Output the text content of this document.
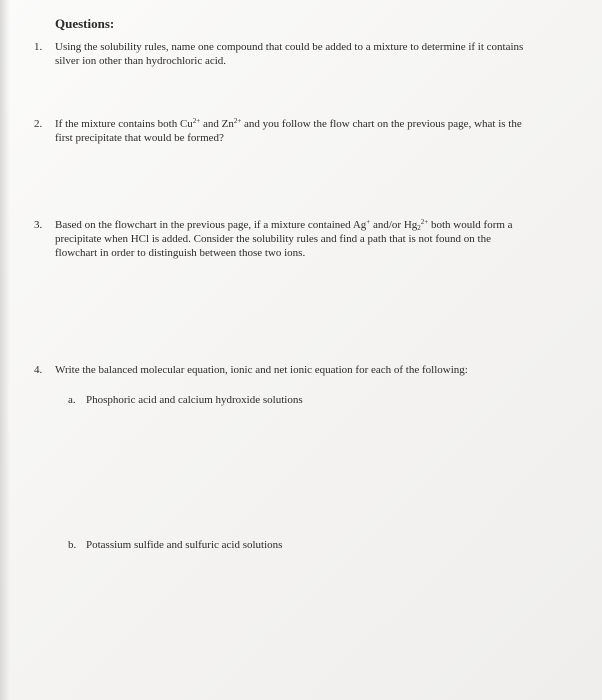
Questions:
1. Using the solubility rules, name one compound that could be added to a mixture to determine if it contains
silver ion other than hydrochloric acid.
2. If the mixture contains both $Cu^{2+}$ and $Zn^{2+}$ and you follow the flow chart on the previous page, what is the
first precipitate that would be formed?
3. Based on the flowchart in the previous page, if a mixture contained Ag+ and/or $Hg_2^{2+}$ both would form a
precipitate when HCl is added. Consider the solubility rules and find a path that is not found on the
flowchart in order to distinguish between those two ions.
4. Write the balanced molecular equation, ionic and net ionic equation for each of the following:
a. Phosphoric acid and calcium hydroxide solutions
b. Potassium sulfide and sulfuric acid solutions
